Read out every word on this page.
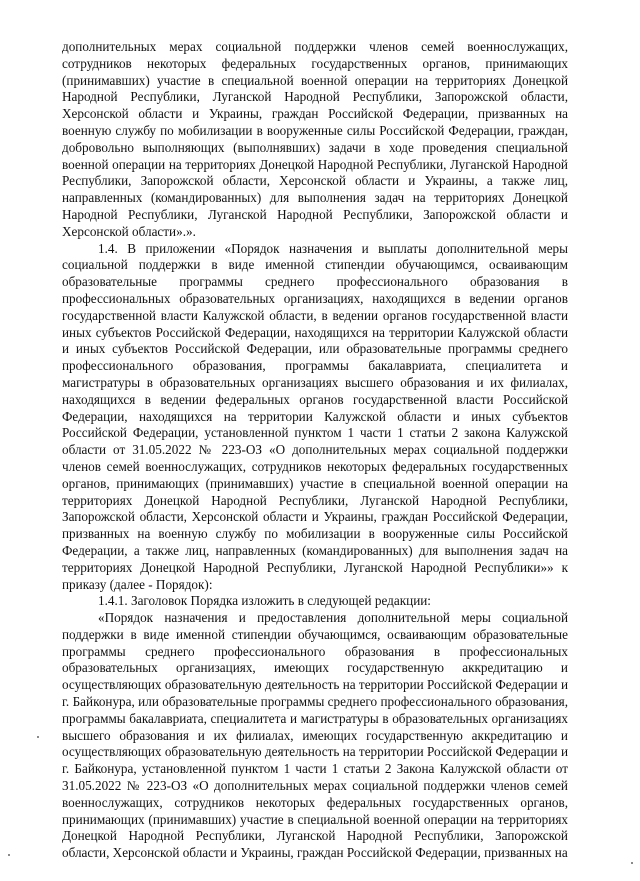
дополнительных мерах социальной поддержки членов семей военнослужащих, сотрудников некоторых федеральных государственных органов, принимающих (принимавших) участие в специальной военной операции на территориях Донецкой Народной Республики, Луганской Народной Республики, Запорожской области, Херсонской области и Украины, граждан Российской Федерации, призванных на военную службу по мобилизации в вооруженные силы Российской Федерации, граждан, добровольно выполняющих (выполнявших) задачи в ходе проведения специальной военной операции на территориях Донецкой Народной Республики, Луганской Народной Республики, Запорожской области, Херсонской области и Украины, а также лиц, направленных (командированных) для выполнения задач на территориях Донецкой Народной Республики, Луганской Народной Республики, Запорожской области и Херсонской области».».

1.4. В приложении «Порядок назначения и выплаты дополнительной меры социальной поддержки в виде именной стипендии обучающимся, осваивающим образовательные программы среднего профессионального образования в профессиональных образовательных организациях, находящихся в ведении органов государственной власти Калужской области, в ведении органов государственной власти иных субъектов Российской Федерации, находящихся на территории Калужской области и иных субъектов Российской Федерации, или образовательные программы среднего профессионального образования, программы бакалавриата, специалитета и магистратуры в образовательных организациях высшего образования и их филиалах, находящихся в ведении федеральных органов государственной власти Российской Федерации, находящихся на территории Калужской области и иных субъектов Российской Федерации, установленной пунктом 1 части 1 статьи 2 закона Калужской области от 31.05.2022 № 223-ОЗ «О дополнительных мерах социальной поддержки членов семей военнослужащих, сотрудников некоторых федеральных государственных органов, принимающих (принимавших) участие в специальной военной операции на территориях Донецкой Народной Республики, Луганской Народной Республики, Запорожской области, Херсонской области и Украины, граждан Российской Федерации, призванных на военную службу по мобилизации в вооруженные силы Российской Федерации, а также лиц, направленных (командированных) для выполнения задач на территориях Донецкой Народной Республики, Луганской Народной Республики»» к приказу (далее - Порядок):

1.4.1. Заголовок Порядка изложить в следующей редакции:

«Порядок назначения и предоставления дополнительной меры социальной поддержки в виде именной стипендии обучающимся, осваивающим образовательные программы среднего профессионального образования в профессиональных образовательных организациях, имеющих государственную аккредитацию и осуществляющих образовательную деятельность на территории Российской Федерации и г. Байконура, или образовательные программы среднего профессионального образования, программы бакалавриата, специалитета и магистратуры в образовательных организациях высшего образования и их филиалах, имеющих государственную аккредитацию и осуществляющих образовательную деятельность на территории Российской Федерации и г. Байконура, установленной пунктом 1 части 1 статьи 2 Закона Калужской области от 31.05.2022 № 223-ОЗ «О дополнительных мерах социальной поддержки членов семей военнослужащих, сотрудников некоторых федеральных государственных органов, принимающих (принимавших) участие в специальной военной операции на территориях Донецкой Народной Республики, Луганской Народной Республики, Запорожской области, Херсонской области и Украины, граждан Российской Федерации, призванных на
